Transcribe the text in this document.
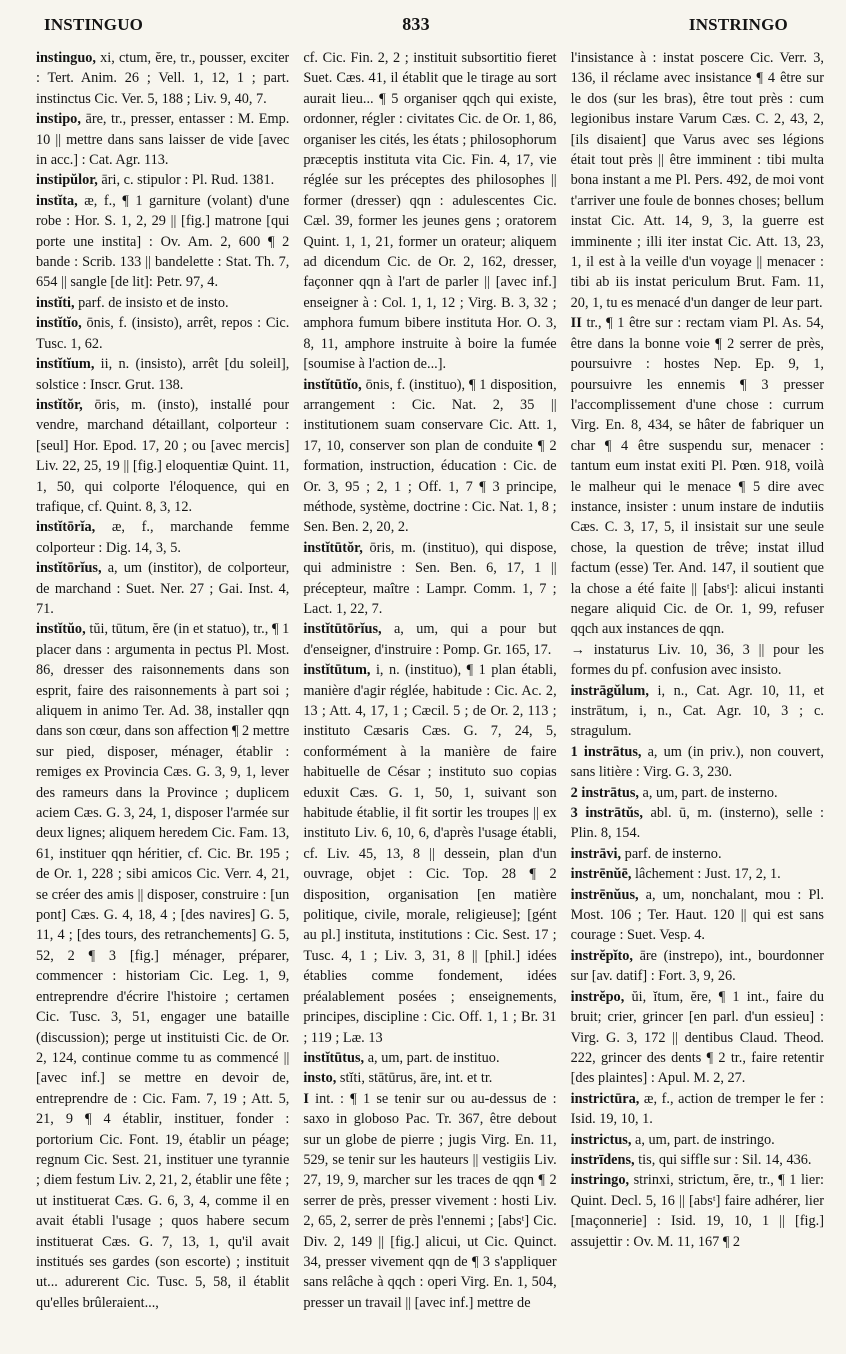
INSTINGUO	833	INSTRINGO

instinguo, xi, ctum, ĕre, tr., pousser, exciter : Tert. Anim. 26 ; Vell. 1, 12, 1 ; part. instinctus Cic. Ver. 5, 188 ; Liv. 9, 40, 7.

instipo, āre, tr., presser, entasser : M. Emp. 10 || mettre dans sans laisser de vide [avec in acc.] : Cat. Agr. 113.

instipŭlor, āri, c. stipulor : Pl. Rud. 1381.

instĭta, æ, f., ¶ 1 garniture (volant) d'une robe : Hor. S. 1, 2, 29 || [fig.] matrone [qui porte une instita] : Ov. Am. 2, 600 ¶ 2 bande : Scrib. 133 || bandelette : Stat. Th. 7, 654 || sangle [de lit]: Petr. 97, 4.

instĭti, parf. de insisto et de insto.

instĭtĭo, ōnis, f. (insisto), arrêt, repos : Cic. Tusc. 1, 62.

instĭtĭum, ii, n. (insisto), arrêt [du soleil], solstice : Inscr. Grut. 138.

instĭtŏr, ōris, m. (insto), installé pour vendre, marchand détaillant, colporteur : [seul] Hor. Epod. 17, 20 ; ou [avec mercis] Liv. 22, 25, 19 || [fig.] eloquentiæ Quint. 11, 1, 50, qui colporte l'éloquence, qui en trafique, cf. Quint. 8, 3, 12.

instĭtōrĭa, æ, f., marchande femme colporteur : Dig. 14, 3, 5.

instĭtōrĭus, a, um (institor), de colporteur, de marchand : Suet. Ner. 27 ; Gai. Inst. 4, 71.

instĭtŭo, tŭi, tūtum, ĕre (in et statuo), tr., ¶ 1 placer dans : argumenta in pectus Pl. Most. 86, dresser des raisonnements dans son esprit, faire des raisonnements à part soi ; aliquem in animo Ter. Ad. 38, installer qqn dans son cœur, dans son affection ¶ 2 mettre sur pied, disposer, ménager, établir : remiges ex Provincia Cæs. G. 3, 9, 1, lever des rameurs dans la Province ; duplicem aciem Cæs. G. 3, 24, 1, disposer l'armée sur deux lignes; aliquem heredem Cic. Fam. 13, 61, instituer qqn héritier, cf. Cic. Br. 195 ; de Or. 1, 228 ; sibi amicos Cic. Verr. 4, 21, se créer des amis || disposer, construire : [un pont] Cæs. G. 4, 18, 4 ; [des navires] G. 5, 11, 4 ; [des tours, des retranchements] G. 5, 52, 2 ¶ 3 [fig.] ménager, préparer, commencer : historiam Cic. Leg. 1, 9, entreprendre d'écrire l'histoire ; certamen Cic. Tusc. 3, 51, engager une bataille (discussion); perge ut instituisti Cic. de Or. 2, 124, continue comme tu as commencé || [avec inf.] se mettre en devoir de, entreprendre de : Cic. Fam. 7, 19 ; Att. 5, 21, 9 ¶ 4 établir, instituer, fonder : portorium Cic. Font. 19, établir un péage; regnum Cic. Sest. 21, instituer une tyrannie ; diem festum Liv. 2, 21, 2, établir une fête ; ut instituerat Cæs. G. 6, 3, 4, comme il en avait établi l'usage ; quos habere secum instituerat Cæs. G. 7, 13, 1, qu'il avait institués ses gardes (son escorte) ; instituit ut... adurerent Cic. Tusc. 5, 58, il établit qu'elles brûleraient...,

cf. Cic. Fin. 2, 2 ; instituit subsortitio fieret Suet. Cæs. 41, il établit que le tirage au sort aurait lieu... ¶ 5 organiser qqch qui existe, ordonner, régler : civitates Cic. de Or. 1, 86, organiser les cités, les états ; philosophorum præceptis instituta vita Cic. Fin. 4, 17, vie réglée sur les préceptes des philosophes || former (dresser) qqn : adulescentes Cic. Cæl. 39, former les jeunes gens ; oratorem Quint. 1, 1, 21, former un orateur; aliquem ad dicendum Cic. de Or. 2, 162, dresser, façonner qqn à l'art de parler || [avec inf.] enseigner à : Col. 1, 1, 12 ; Virg. B. 3, 32 ; amphora fumum bibere instituta Hor. O. 3, 8, 11, amphore instruite à boire la fumée [soumise à l'action de...].

instĭtūtĭo, ōnis, f. (instituo), ¶ 1 disposition, arrangement : Cic. Nat. 2, 35 || institutionem suam conservare Cic. Att. 1, 17, 10, conserver son plan de conduite ¶ 2 formation, instruction, éducation : Cic. de Or. 3, 95 ; 2, 1 ; Off. 1, 7 ¶ 3 principe, méthode, système, doctrine : Cic. Nat. 1, 8 ; Sen. Ben. 2, 20, 2.

instĭtūtŏr, ōris, m. (instituo), qui dispose, qui administre : Sen. Ben. 6, 17, 1 || précepteur, maître : Lampr. Comm. 1, 7 ; Lact. 1, 22, 7.

instĭtūtōrĭus, a, um, qui a pour but d'enseigner, d'instruire : Pomp. Gr. 165, 17.

instĭtūtum, i, n. (instituo), ¶ 1 plan établi, manière d'agir réglée, habitude : Cic. Ac. 2, 13 ; Att. 4, 17, 1 ; Cæcil. 5 ; de Or. 2, 113 ; instituto Cæsaris Cæs. G. 7, 24, 5, conformément à la manière de faire habituelle de César ; instituto suo copias eduxit Cæs. G. 1, 50, 1, suivant son habitude établie, il fit sortir les troupes || ex instituto Liv. 6, 10, 6, d'après l'usage établi, cf. Liv. 45, 13, 8 || dessein, plan d'un ouvrage, objet : Cic. Top. 28 ¶ 2 disposition, organisation [en matière politique, civile, morale, religieuse]; [gént au pl.] instituta, institutions : Cic. Sest. 17 ; Tusc. 4, 1 ; Liv. 3, 31, 8 || [phil.] idées établies comme fondement, idées préalablement posées ; enseignements, principes, discipline : Cic. Off. 1, 1 ; Br. 31 ; 119 ; Læ. 13

instĭtūtus, a, um, part. de instituo.

insto, stĭti, stātūrus, āre, int. et tr.

I int. : ¶ 1 se tenir sur ou au-dessus de : saxo in globoso Pac. Tr. 367, être debout sur un globe de pierre ; jugis Virg. En. 11, 529, se tenir sur les hauteurs || vestigiis Liv. 27, 19, 9, marcher sur les traces de qqn ¶ 2 serrer de près, presser vivement : hosti Liv. 2, 65, 2, serrer de près l'ennemi ; [absᵗ] Cic. Div. 2, 149 || [fig.] alicui, ut Cic. Quinct. 34, presser vivement qqn de ¶ 3 s'appliquer sans relâche à qqch : operi Virg. En. 1, 504, presser un travail || [avec inf.] mettre de

l'insistance à : instat poscere Cic. Verr. 3, 136, il réclame avec insistance ¶ 4 être sur le dos (sur les bras), être tout près : cum legionibus instare Varum Cæs. C. 2, 43, 2, [ils disaient] que Varus avec ses légions était tout près || être imminent : tibi multa bona instant a me Pl. Pers. 492, de moi vont t'arriver une foule de bonnes choses; bellum instat Cic. Att. 14, 9, 3, la guerre est imminente ; illi iter instat Cic. Att. 13, 23, 1, il est à la veille d'un voyage || menacer : tibi ab iis instat periculum Brut. Fam. 11, 20, 1, tu es menacé d'un danger de leur part.

II tr., ¶ 1 être sur : rectam viam Pl. As. 54, être dans la bonne voie ¶ 2 serrer de près, poursuivre : hostes Nep. Ep. 9, 1, poursuivre les ennemis ¶ 3 presser l'accomplissement d'une chose : currum Virg. En. 8, 434, se hâter de fabriquer un char ¶ 4 être suspendu sur, menacer : tantum eum instat exiti Pl. Pœn. 918, voilà le malheur qui le menace ¶ 5 dire avec instance, insister : unum instare de indutiis Cæs. C. 3, 17, 5, il insistait sur une seule chose, la question de trêve; instat illud factum (esse) Ter. And. 147, il soutient que la chose a été faite || [absᵗ]: alicui instanti negare aliquid Cic. de Or. 1, 99, refuser qqch aux instances de qqn.

→ instaturus Liv. 10, 36, 3 || pour les formes du pf. confusion avec insisto.

instrāgŭlum, i, n., Cat. Agr. 10, 11, et instrātum, i, n., Cat. Agr. 10, 3 ; c. stragulum.

1 instrātus, a, um (in priv.), non couvert, sans litière : Virg. G. 3, 230.

2 instrātus, a, um, part. de insterno.

3 instrātŭs, abl. ū, m. (insterno), selle : Plin. 8, 154.

instrāvi, parf. de insterno.

instrēnŭē, lâchement : Just. 17, 2, 1.

instrēnŭus, a, um, nonchalant, mou : Pl. Most. 106 ; Ter. Haut. 120 || qui est sans courage : Suet. Vesp. 4.

instrĕpĭto, āre (instrepo), int., bourdonner sur [av. datif] : Fort. 3, 9, 26.

instrĕpo, ŭi, ĭtum, ĕre, ¶ 1 int., faire du bruit; crier, grincer [en parl. d'un essieu] : Virg. G. 3, 172 || dentibus Claud. Theod. 222, grincer des dents ¶ 2 tr., faire retentir [des plaintes] : Apul. M. 2, 27.

instrictūra, æ, f., action de tremper le fer : Isid. 19, 10, 1.

instrictus, a, um, part. de instringo.

instrīdens, tis, qui siffle sur : Sil. 14, 436.

instringo, strinxi, strictum, ĕre, tr., ¶ 1 lier: Quint. Decl. 5, 16 || [absᵗ] faire adhérer, lier [maçonnerie] : Isid. 19, 10, 1 || [fig.] assujettir : Ov. M. 11, 167 ¶ 2
